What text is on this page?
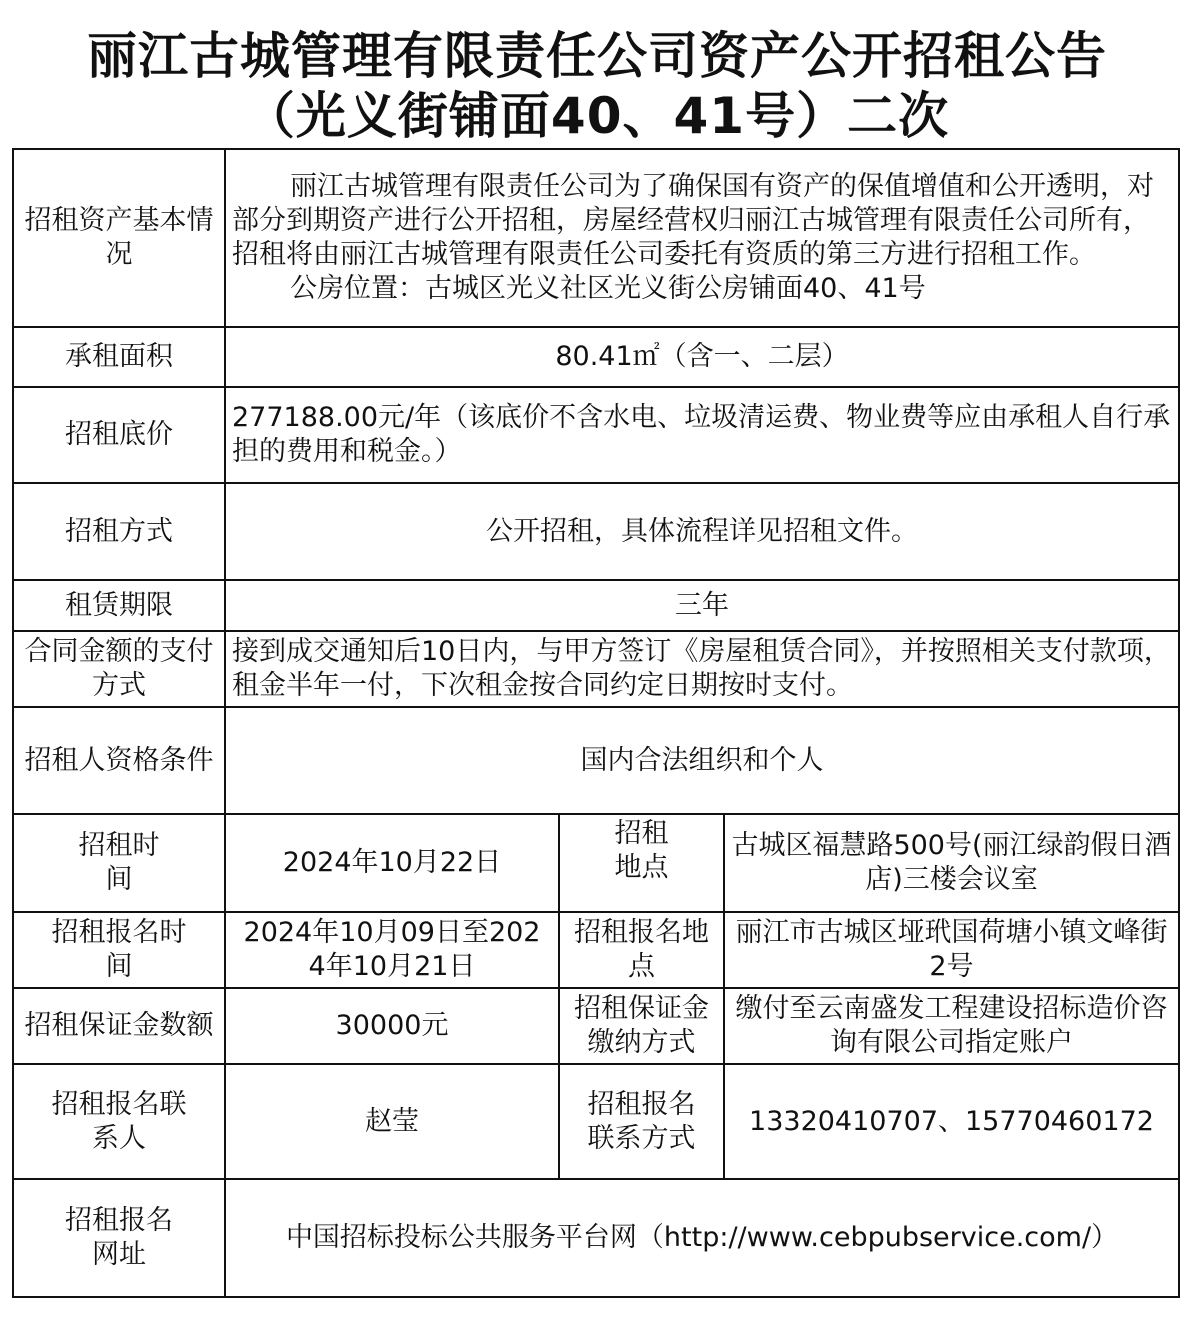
丽江古城管理有限责任公司资产公开招租公告
（光义街铺面40、41号）二次
招租资产基本情况	丽江古城管理有限责任公司为了确保国有资产的保值增值和公开透明，对部分到期资产进行公开招租，房屋经营权归丽江古城管理有限责任公司所有，招租将由丽江古城管理有限责任公司委托有资质的第三方进行招租工作。

公房位置：古城区光义社区光义街公房铺面40、41号		

承租面积	80.41㎡（含一、二层）		
招租底价	277188.00元/年（该底价不含水电、垃圾清运费、物业费等应由承租人自行承担的费用和税金。）		
招租方式	公开招租，具体流程详见招租文件。		
租赁期限	三年		
合同金额的支付方式	接到成交通知后10日内，与甲方签订《房屋租赁合同》，并按照相关支付款项，租金半年一付，下次租金按合同约定日期按时支付。		
招租人资格条件	国内合法组织和个人		
招租时间	2024年10月22日	招租地点	古城区福慧路500号(丽江绿韵假日酒店)三楼会议室
招租报名时间	2024年10月09日至2024年10月21日	招租报名地点	丽江市古城区垭玳国荷塘小镇文峰街2号
招租保证金数额	30000元	招租保证金缴纳方式	缴付至云南盛发工程建设招标造价咨询有限公司指定账户
招租报名联系人	赵莹	招租报名联系方式	13320410707、15770460172
招租报名网址	中国招标投标公共服务平台网（http://www.cebpubservice.com/）		
